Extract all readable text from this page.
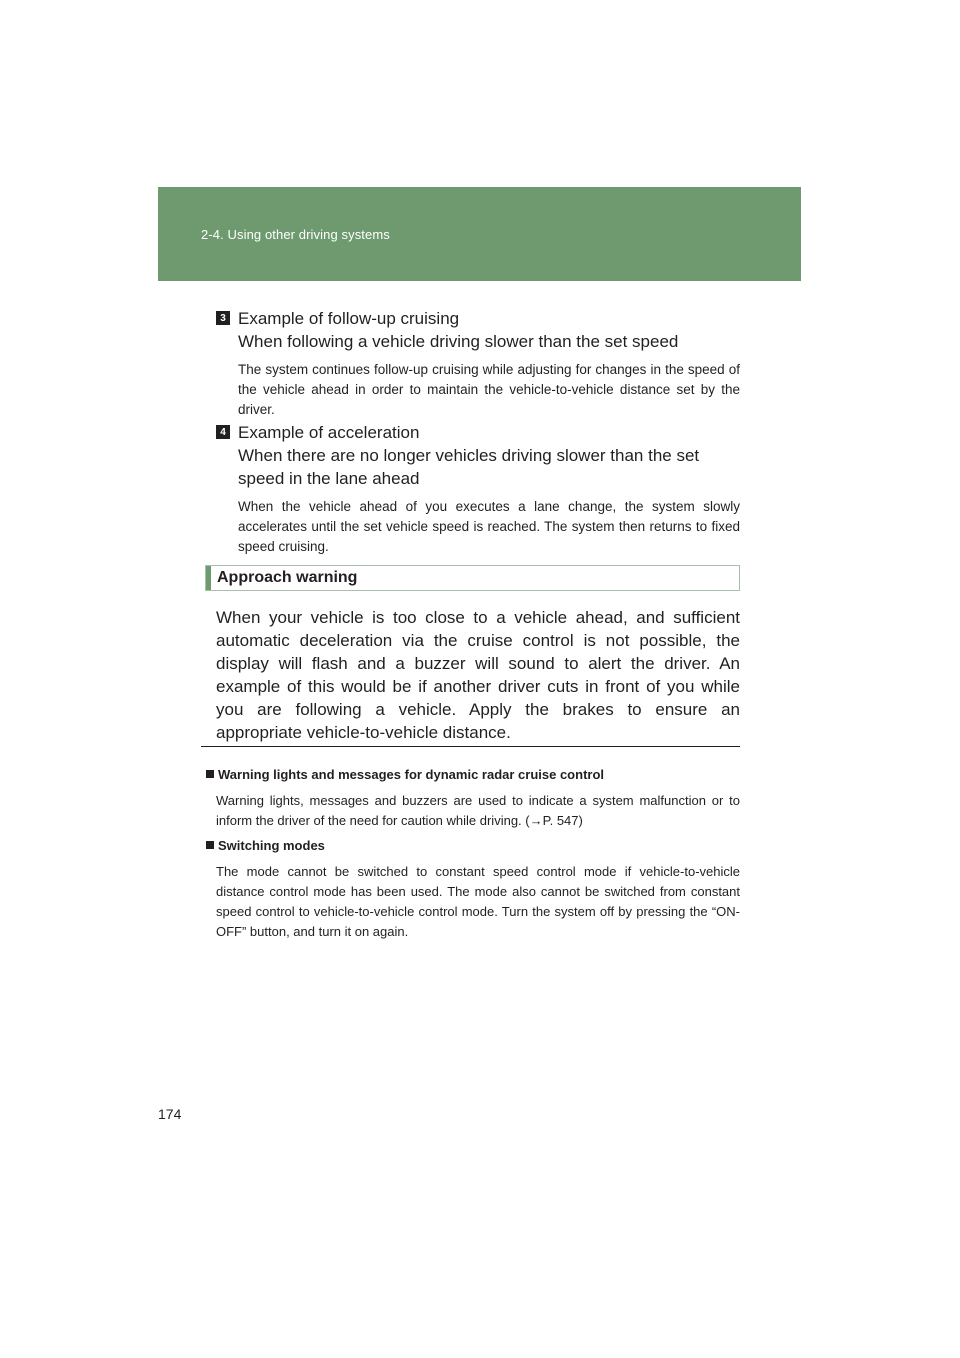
2-4. Using other driving systems
3 Example of follow-up cruising
When following a vehicle driving slower than the set speed
The system continues follow-up cruising while adjusting for changes in the speed of the vehicle ahead in order to maintain the vehicle-to-vehicle distance set by the driver.
4 Example of acceleration
When there are no longer vehicles driving slower than the set speed in the lane ahead
When the vehicle ahead of you executes a lane change, the system slowly accelerates until the set vehicle speed is reached. The system then returns to fixed speed cruising.
Approach warning
When your vehicle is too close to a vehicle ahead, and sufficient automatic deceleration via the cruise control is not possible, the display will flash and a buzzer will sound to alert the driver. An example of this would be if another driver cuts in front of you while you are following a vehicle. Apply the brakes to ensure an appropriate vehicle-to-vehicle distance.
Warning lights and messages for dynamic radar cruise control
Warning lights, messages and buzzers are used to indicate a system malfunction or to inform the driver of the need for caution while driving. (→P. 547)
Switching modes
The mode cannot be switched to constant speed control mode if vehicle-to-vehicle distance control mode has been used. The mode also cannot be switched from constant speed control to vehicle-to-vehicle control mode. Turn the system off by pressing the “ON-OFF” button, and turn it on again.
174
